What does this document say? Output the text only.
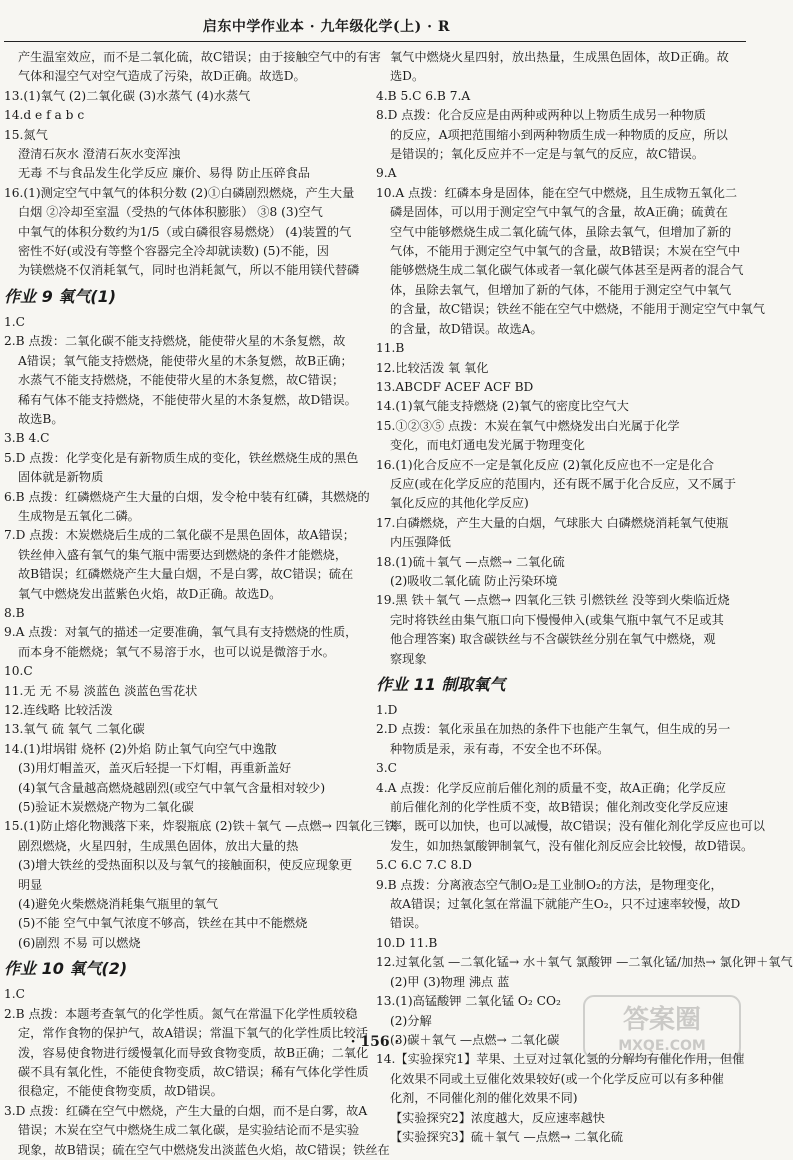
启东中学作业本 · 九年级化学(上) · R
产生温室效应，而不是二氧化硫，故C错误；由于接触空气中的有害
气体和湿空气对空气造成了污染，故D正确。故选D。
13.(1)氧气 (2)二氧化碳 (3)水蒸气 (4)水蒸气
14.d e f a b c
15.氮气
澄清石灰水 澄清石灰水变浑浊
无毒 不与食品发生化学反应 廉价、易得 防止压碎食品
16.(1)测定空气中氧气的体积分数 (2)①白磷剧烈燃烧，产生大量
白烟 ②冷却至室温（受热的气体体积膨胀） ③8 (3)空气
中氧气的体积分数约为1/5（或白磷很容易燃烧） (4)装置的气
密性不好(或没有等整个容器完全冷却就读数) (5)不能，因
为镁燃烧不仅消耗氧气，同时也消耗氮气，所以不能用镁代替磷
作业 9 氧气(1)
1.C
2.B 点拨：二氧化碳不能支持燃烧，能使带火星的木条复燃，故
A错误；氧气能支持燃烧，能使带火星的木条复燃，故B正确；
水蒸气不能支持燃烧，不能使带火星的木条复燃，故C错误；
稀有气体不能支持燃烧，不能使带火星的木条复燃，故D错误。
故选B。
3.B 4.C
5.D 点拨：化学变化是有新物质生成的变化，铁丝燃烧生成的黑色
固体就是新物质
6.B 点拨：红磷燃烧产生大量的白烟，发令枪中装有红磷，其燃烧的
生成物是五氧化二磷。
7.D 点拨：木炭燃烧后生成的二氧化碳不是黑色固体，故A错误；
铁丝伸入盛有氧气的集气瓶中需要达到燃烧的条件才能燃烧，
故B错误；红磷燃烧产生大量白烟，不是白雾，故C错误；硫在
氧气中燃烧发出蓝紫色火焰，故D正确。故选D。
8.B
9.A 点拨：对氧气的描述一定要准确，氧气具有支持燃烧的性质，
而本身不能燃烧；氧气不易溶于水，也可以说是微溶于水。
10.C
11.无 无 不易 淡蓝色 淡蓝色雪花状
12.连线略 比较活泼
13.氧气 硫 氧气 二氧化碳
14.(1)坩埚钳 烧杯 (2)外焰 防止氧气向空气中逸散
(3)用灯帽盖灭，盖灭后轻提一下灯帽，再重新盖好
(4)氧气含量越高燃烧越剧烈(或空气中氧气含量相对较少)
(5)验证木炭燃烧产物为二氧化碳
15.(1)防止熔化物溅落下来，炸裂瓶底 (2)铁＋氧气 —点燃→ 四氧化三铁
剧烈燃烧，火星四射，生成黑色固体，放出大量的热
(3)增大铁丝的受热面积以及与氧气的接触面积，使反应现象更
明显
(4)避免火柴燃烧消耗集气瓶里的氧气
(5)不能 空气中氧气浓度不够高，铁丝在其中不能燃烧
(6)剧烈 不易 可以燃烧
作业 10 氧气(2)
1.C
2.B 点拨：本题考查氧气的化学性质。氮气在常温下化学性质较稳
定，常作食物的保护气，故A错误；常温下氧气的化学性质比较活
泼，容易使食物进行缓慢氧化而导致食物变质，故B正确；二氧化
碳不具有氧化性，不能使食物变质，故C错误；稀有气体化学性质
很稳定，不能使食物变质，故D错误。
3.D 点拨：红磷在空气中燃烧，产生大量的白烟，而不是白雾，故A
错误；木炭在空气中燃烧生成二氧化碳，是实验结论而不是实验
现象，故B错误；硫在空气中燃烧发出淡蓝色火焰，故C错误；铁丝在
氧气中燃烧火星四射，放出热量，生成黑色固体，故D正确。故
选D。
4.B 5.C 6.B 7.A
8.D 点拨：化合反应是由两种或两种以上物质生成另一种物质
的反应，A项把范围缩小到两种物质生成一种物质的反应，所以
是错误的；氧化反应并不一定是与氧气的反应，故C错误。
9.A
10.A 点拨：红磷本身是固体，能在空气中燃烧，且生成物五氧化二
磷是固体，可以用于测定空气中氧气的含量，故A正确；硫黄在
空气中能够燃烧生成二氧化硫气体，虽除去氧气，但增加了新的
气体，不能用于测定空气中氧气的含量，故B错误；木炭在空气中
能够燃烧生成二氧化碳气体或者一氧化碳气体甚至是两者的混合气
体，虽除去氧气，但增加了新的气体，不能用于测定空气中氧气
的含量，故C错误；铁丝不能在空气中燃烧，不能用于测定空气中氧气
的含量，故D错误。故选A。
11.B
12.比较活泼 氧 氧化
13.ABCDF ACEF ACF BD
14.(1)氧气能支持燃烧 (2)氧气的密度比空气大
15.①②③⑤ 点拨：木炭在氧气中燃烧发出白光属于化学
变化，而电灯通电发光属于物理变化
16.(1)化合反应不一定是氧化反应 (2)氧化反应也不一定是化合
反应(或在化学反应的范围内，还有既不属于化合反应，又不属于
氧化反应的其他化学反应)
17.白磷燃烧，产生大量的白烟，气球胀大 白磷燃烧消耗氧气使瓶
内压强降低
18.(1)硫＋氧气 —点燃→ 二氧化硫
(2)吸收二氧化硫 防止污染环境
19.黑 铁＋氧气 —点燃→ 四氧化三铁 引燃铁丝 没等到火柴临近烧
完时将铁丝由集气瓶口向下慢慢伸入(或集气瓶中氧气不足或其
他合理答案) 取含碳铁丝与不含碳铁丝分别在氧气中燃烧，观
察现象
作业 11 制取氧气
1.D
2.D 点拨：氧化汞虽在加热的条件下也能产生氧气，但生成的另一
种物质是汞，汞有毒，不安全也不环保。
3.C
4.A 点拨：化学反应前后催化剂的质量不变，故A正确；化学反应
前后催化剂的化学性质不变，故B错误；催化剂改变化学反应速
率，既可以加快，也可以减慢，故C错误；没有催化剂化学反应也可以
发生，如加热氯酸钾制氧气，没有催化剂反应会比较慢，故D错误。
5.C 6.C 7.C 8.D
9.B 点拨：分离液态空气制O₂是工业制O₂的方法，是物理变化，
故A错误；过氧化氢在常温下就能产生O₂，只不过速率较慢，故D
错误。
10.D 11.B
12.过氧化氢 —二氧化锰→ 水＋氧气 氯酸钾 —二氧化锰/加热→ 氯化钾＋氧气
(2)甲 (3)物理 沸点 蓝
13.(1)高锰酸钾 二氧化锰 O₂ CO₂
(2)分解
(3)碳＋氧气 —点燃→ 二氧化碳
14.【实验探究1】苹果、土豆对过氧化氢的分解均有催化作用，但催
化效果不同或土豆催化效果较好(或一个化学反应可以有多种催
化剂，不同催化剂的催化效果不同)
【实验探究2】浓度越大，反应速率越快
【实验探究3】硫＋氧气 —点燃→ 二氧化硫
· 156 ·
答案圈
MXQE.COM
